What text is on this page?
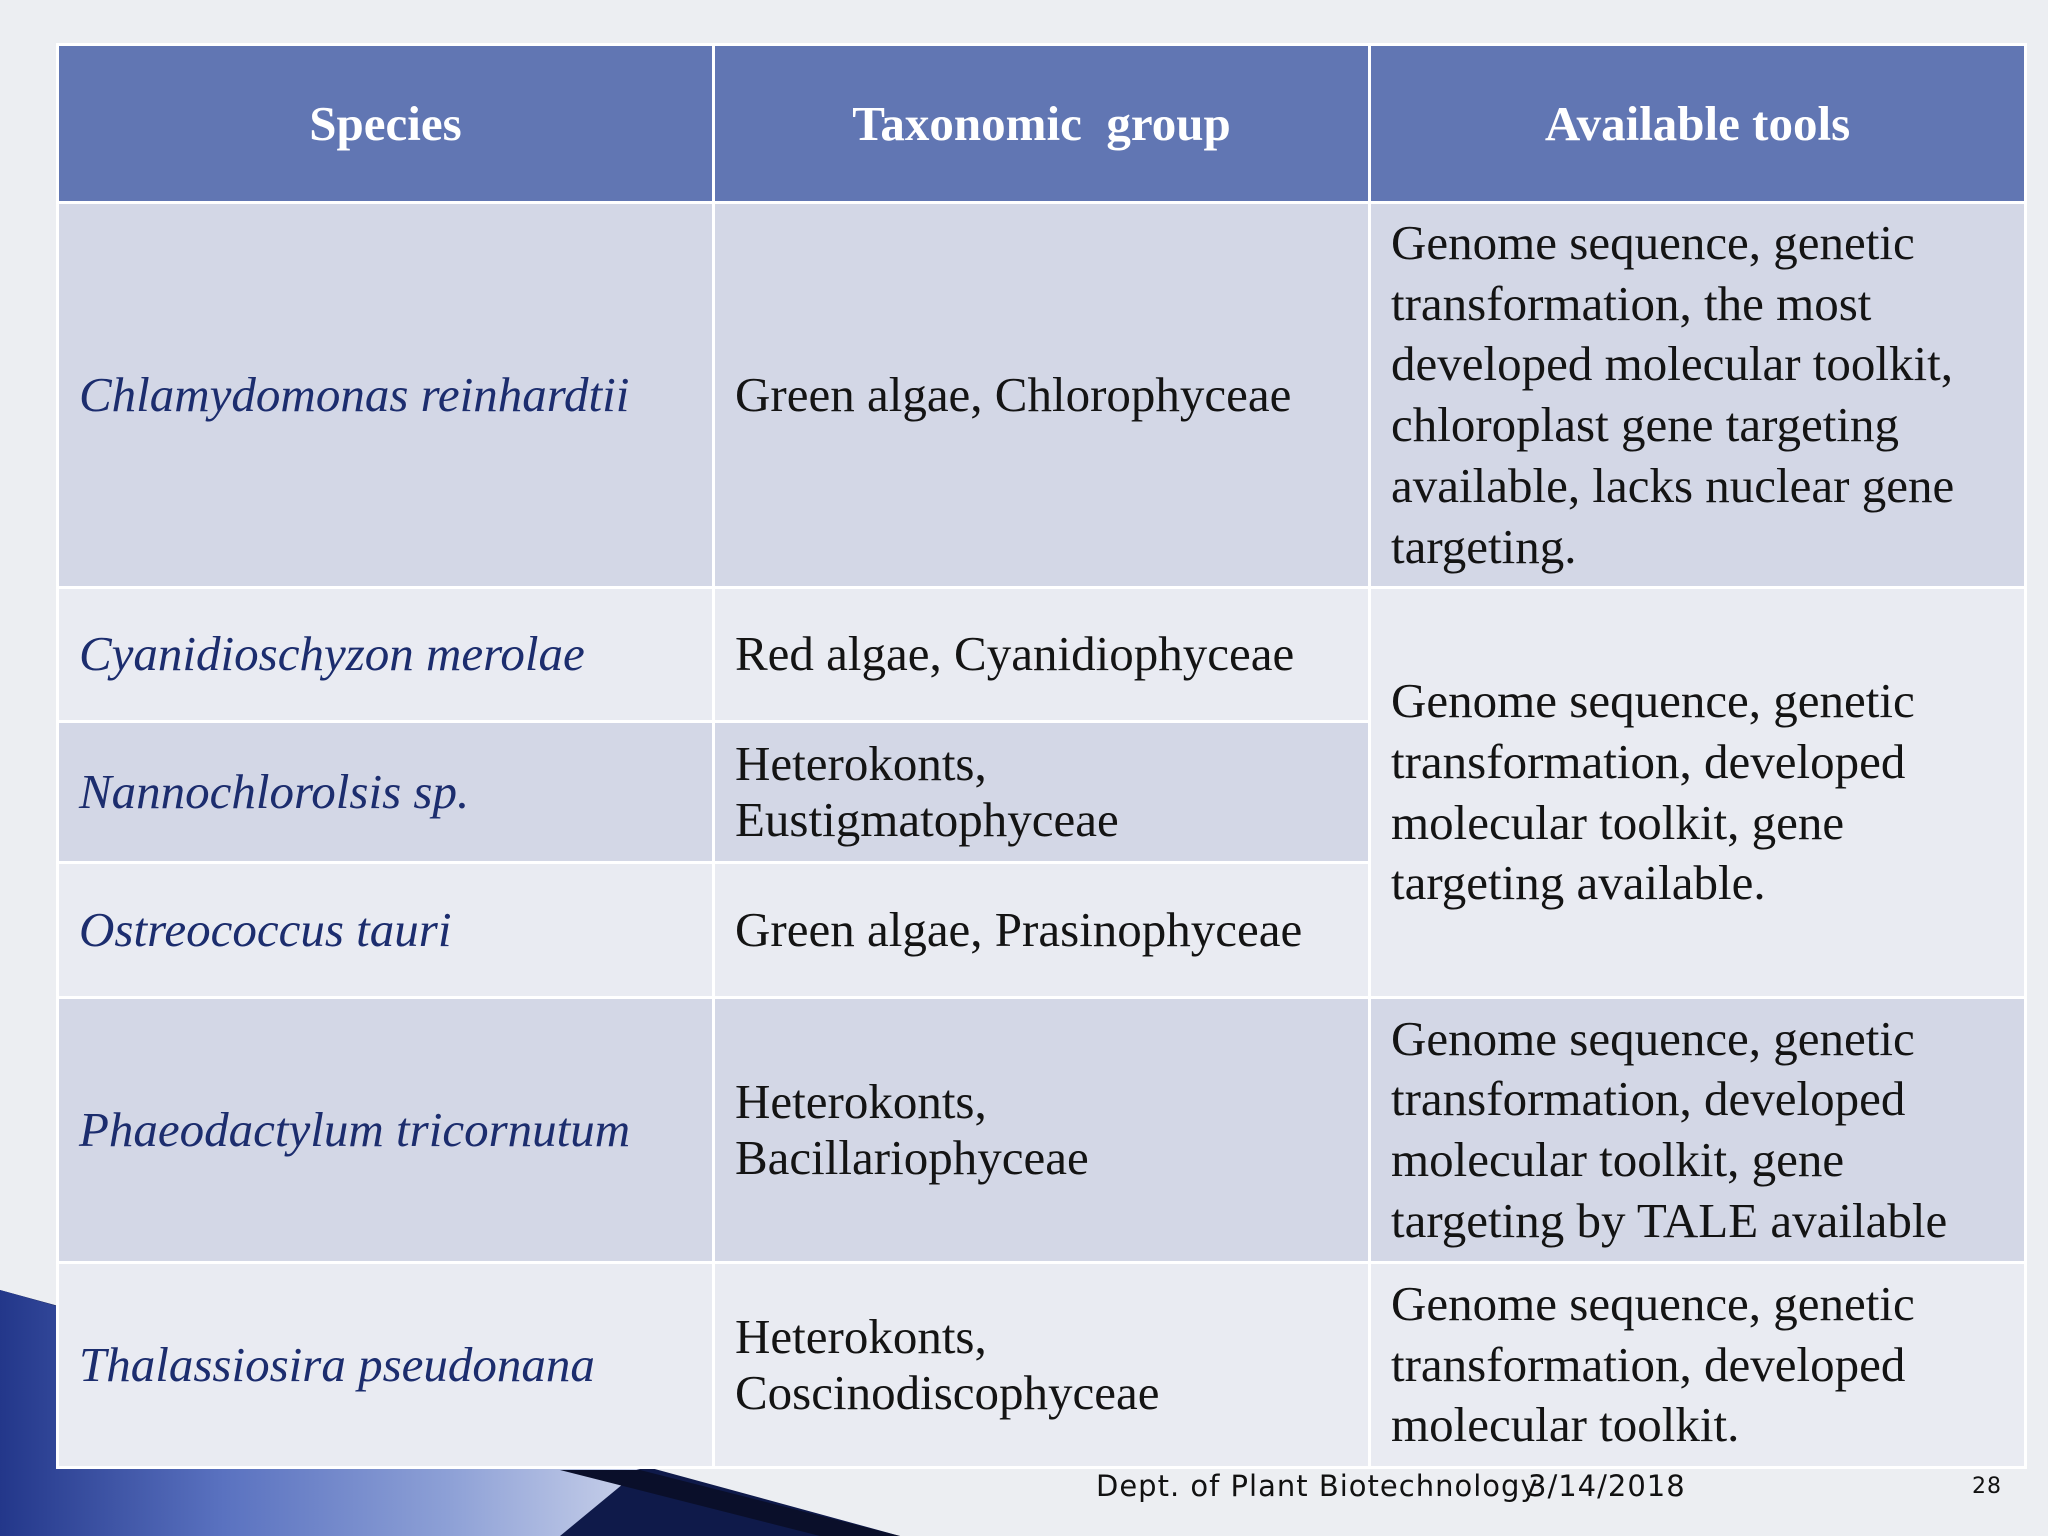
Species	Taxonomic  group	Available tools
Chlamydomonas reinhardtii	Green algae, Chlorophyceae	Genome sequence, genetic transformation, the most developed molecular toolkit, chloroplast gene targeting available, lacks nuclear gene targeting.
Cyanidioschyzon merolae	Red algae, Cyanidiophyceae	Genome sequence, genetic transformation, developed molecular toolkit, gene targeting available.
Nannochlorolsis sp.	Heterokonts, Eustigmatophyceae	
Ostreococcus tauri	Green algae, Prasinophyceae	
Phaeodactylum tricornutum	Heterokonts, Bacillariophyceae	Genome sequence, genetic transformation, developed molecular toolkit, gene targeting by TALE available
Thalassiosira pseudonana	Heterokonts, Coscinodiscophyceae	Genome sequence, genetic transformation, developed molecular toolkit.
Dept. of Plant Biotechnology
3/14/2018	28
